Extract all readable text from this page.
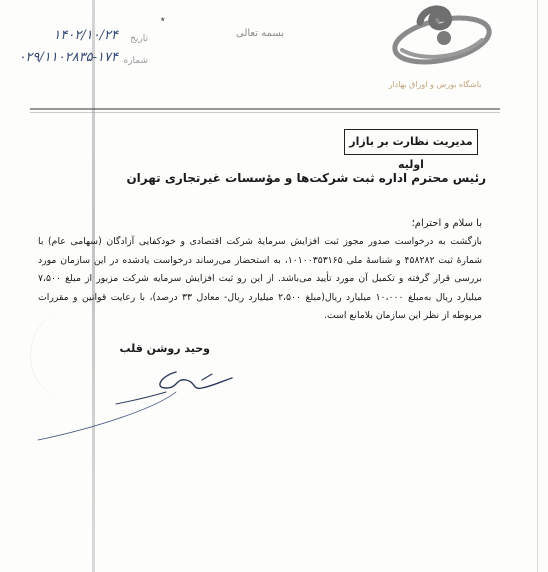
٭
بسمه تعالی
باشگاه بورس و اوراق بهادار
تاریخ
۱۴۰۲/۱۰/۲۴
شماره
۰۲۹/۱۱۰۲۸۳۵-۱۷۴
مدیریت نظارت بر بازار اولیه
رئیس محترم اداره ثبت شرکت‌ها و مؤسسات غیرتجاری تهران
با سلام و احترام؛
بازگشت به درخواست صدور مجوز ثبت افزایش سرمایهٔ شرکت اقتصادی و خودکفایی آزادگان (سهامی عام) با شمارهٔ ثبت ۴۵۸۲۸۲ و شناسهٔ ملی ۱۰۱۰۰۳۵۳۱۶۵، به استحضار می‌رساند درخواست یادشده در این سازمان مورد بررسی قرار گرفته و تکمیل آن مورد تأیید می‌باشد. از این رو ثبت افزایش سرمایه شرکت مزبور از مبلغ ۷،۵۰۰ میلیارد ریال به‌مبلغ ۱۰،۰۰۰ میلیارد ریال(مبلغ ۲،۵۰۰ میلیارد ریال- معادل ۳۳ درصد)، با رعایت قوانین و مقررات مربوطه از نظر این سازمان بلامانع است.
وحید روشن قلب
